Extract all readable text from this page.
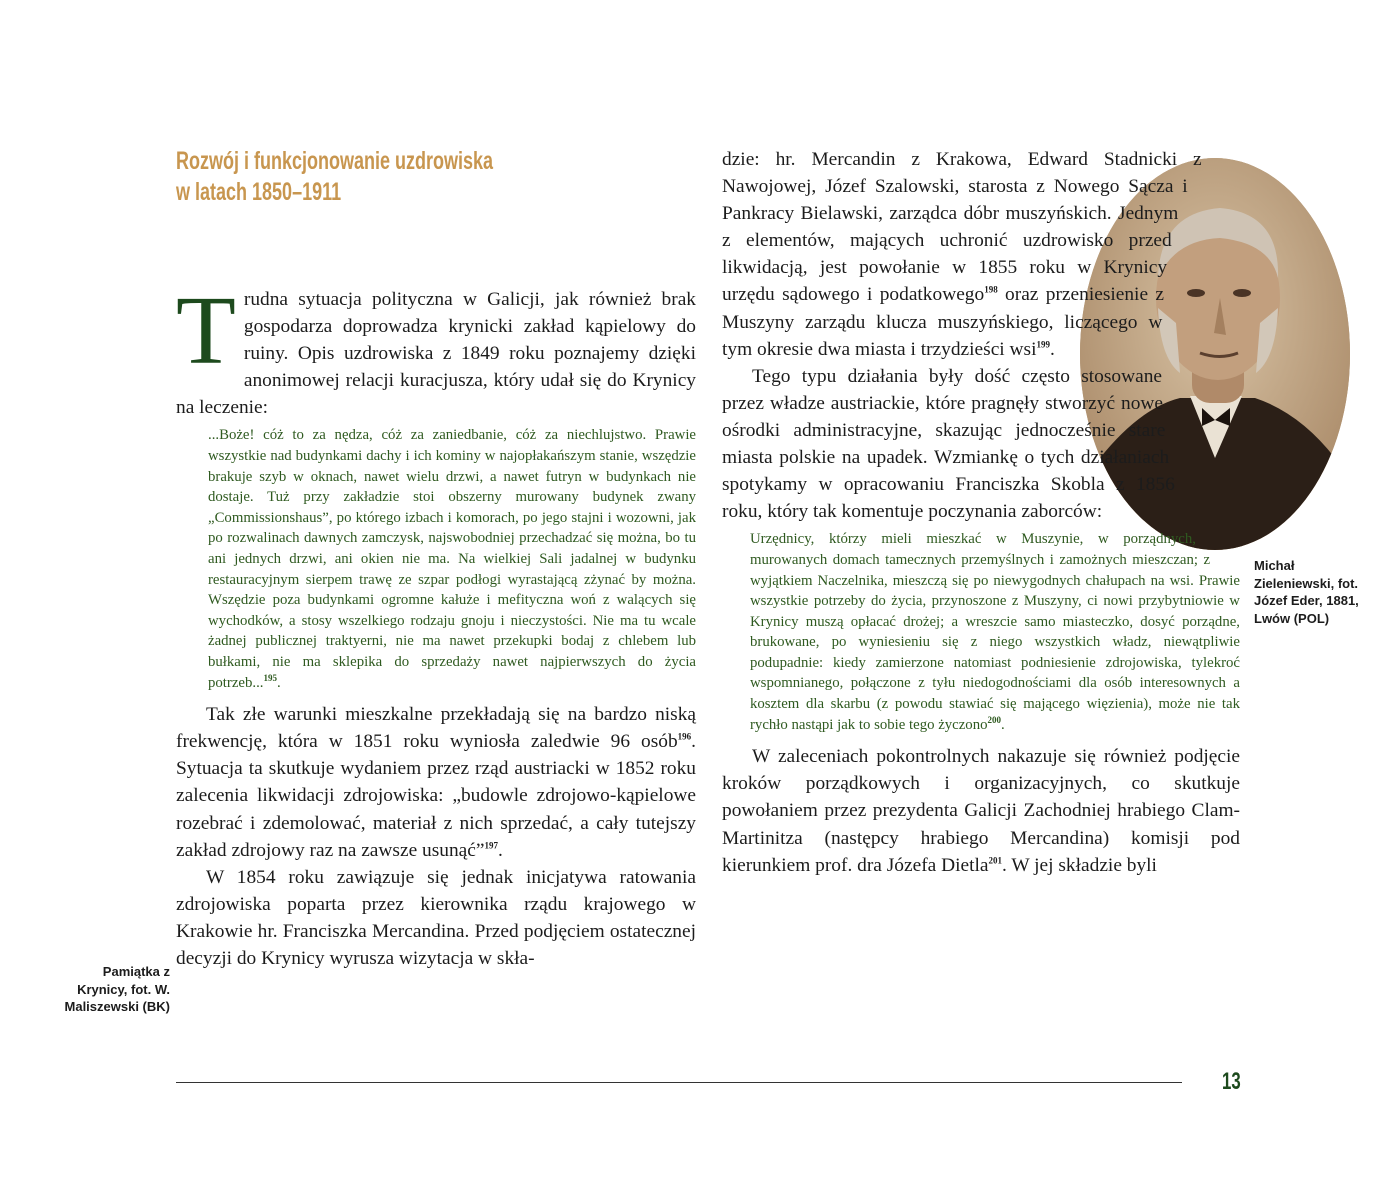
Rozwój i funkcjonowanie uzdrowiska
w latach 1850–1911

Trudna sytuacja polityczna w Galicji, jak również brak gospodarza doprowadza krynicki zakład kąpielowy do ruiny. Opis uzdrowiska z 1849 roku poznajemy dzięki anonimowej relacji kuracjusza, który udał się do Krynicy na leczenie:

...Boże! cóż to za nędza, cóż za zaniedbanie, cóż za niechlujstwo. Prawie wszystkie nad budynkami dachy i ich kominy w najopłakańszym stanie, wszędzie brakuje szyb w oknach, nawet wielu drzwi, a nawet futryn w budynkach nie dostaje. Tuż przy zakładzie stoi obszerny murowany budynek zwany „Commissionshaus”, po którego izbach i komorach, po jego stajni i wozowni, jak po rozwalinach dawnych zamczysk, najswobodniej przechadzać się można, bo tu ani jednych drzwi, ani okien nie ma. Na wielkiej Sali jadalnej w budynku restauracyjnym sierpem trawę ze szpar podłogi wyrastającą zżynać by można. Wszędzie poza budynkami ogromne kałuże i mefityczna woń z walących się wychodków, a stosy wszelkiego rodzaju gnoju i nieczystości. Nie ma tu wcale żadnej publicznej traktyerni, nie ma nawet przekupki bodaj z chlebem lub bułkami, nie ma sklepika do sprzedaży nawet najpierwszych do życia potrzeb...$^{195}$.

Tak złe warunki mieszkalne przekładają się na bardzo niską frekwencję, która w 1851 roku wyniosła zaledwie 96 osób$^{196}$. Sytuacja ta skutkuje wydaniem przez rząd austriacki w 1852 roku zalecenia likwidacji zdrojowiska: „budowle zdrojowo-kąpielowe rozebrać i zdemolować, materiał z nich sprzedać, a cały tutejszy zakład zdrojowy raz na zawsze usunąć”$^{197}$.

W 1854 roku zawiązuje się jednak inicjatywa ratowania zdrojowiska poparta przez kierownika rządu krajowego w Krakowie hr. Franciszka Mercandina. Przed podjęciem ostatecznej decyzji do Krynicy wyrusza wizytacja w skła-

dzie: hr. Mercandin z Krakowa, Edward Stadnicki z Nawojowej, Józef Szalowski, starosta z Nowego Sącza i Pankracy Bielawski, zarządca dóbr muszyńskich. Jednym z elementów, mających uchronić uzdrowisko przed likwidacją, jest powołanie w 1855 roku w Krynicy urzędu sądowego i podatkowego$^{198}$ oraz przeniesienie z Muszyny zarządu klucza muszyńskiego, liczącego w tym okresie dwa miasta i trzydzieści wsi$^{199}$.

Tego typu działania były dość często stosowane przez władze austriackie, które pragnęły stworzyć nowe ośrodki administracyjne, skazując jednocześnie stare miasta polskie na upadek. Wzmiankę o tych działaniach spotykamy w opracowaniu Franciszka Skobla z 1856 roku, który tak komentuje poczynania zaborców:

Urzędnicy, którzy mieli mieszkać w Muszynie, w porządnych, murowanych domach tamecznych przemyślnych i zamożnych mieszczan; z wyjątkiem Naczelnika, mieszczą się po niewygodnych chałupach na wsi. Prawie wszystkie potrzeby do życia, przynoszone z Muszyny, ci nowi przybytniowie w Krynicy muszą opłacać drożej; a wreszcie samo miasteczko, dosyć porządne, brukowane, po wyniesieniu się z niego wszystkich władz, niewątpliwie podupadnie: kiedy zamierzone natomiast podniesienie zdrojowiska, tylekroć wspomnianego, połączone z tyłu niedogodnościami dla osób interesownych a kosztem dla skarbu (z powodu stawiać się mającego więzienia), może nie tak rychło nastąpi jak to sobie tego życzono$^{200}$.

W zaleceniach pokontrolnych nakazuje się również podjęcie kroków porządkowych i organizacyjnych, co skutkuje powołaniem przez prezydenta Galicji Zachodniej hrabiego Clam-Martinitza (następcy hrabiego Mercandina) komisji pod kierunkiem prof. dra Józefa Dietla$^{201}$. W jej składzie byli

Michał Zieleniewski, fot. Józef Eder, 1881, Lwów (POL)
Pamiątka z Krynicy, fot. W. Maliszewski (BK)
13
